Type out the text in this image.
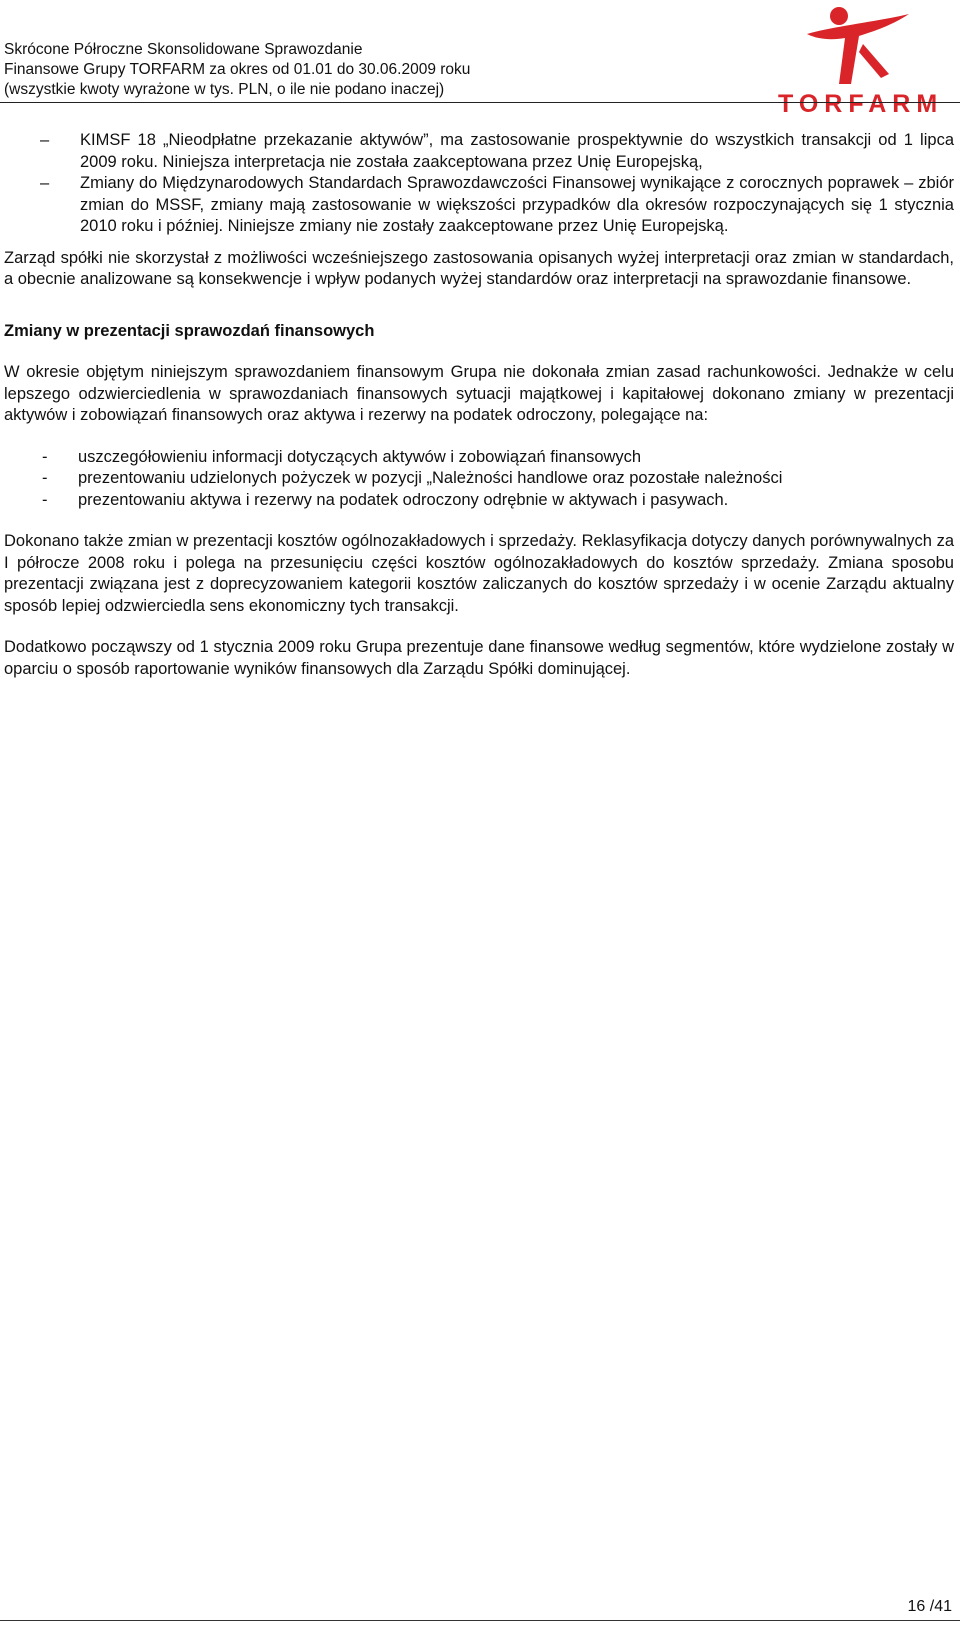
Skrócone Półroczne Skonsolidowane Sprawozdanie
Finansowe Grupy TORFARM za okres od 01.01 do 30.06.2009 roku
(wszystkie kwoty wyrażone w tys. PLN, o ile nie podano inaczej)
TORFARM
– KIMSF 18 „Nieodpłatne przekazanie aktywów”, ma zastosowanie prospektywnie do wszystkich transakcji od 1 lipca 2009 roku. Niniejsza interpretacja nie została zaakceptowana przez Unię Europejską,
– Zmiany do Międzynarodowych Standardach Sprawozdawczości Finansowej wynikające z corocznych poprawek – zbiór zmian do MSSF, zmiany mają zastosowanie w większości przypadków dla okresów rozpoczynających się 1 stycznia 2010 roku i później. Niniejsze zmiany nie zostały zaakceptowane przez Unię Europejską.

Zarząd spółki nie skorzystał z możliwości wcześniejszego zastosowania opisanych wyżej interpretacji oraz zmian w standardach, a obecnie analizowane są konsekwencje i wpływ podanych wyżej standardów oraz interpretacji na sprawozdanie finansowe.

Zmiany w prezentacji sprawozdań finansowych

W okresie objętym niniejszym sprawozdaniem finansowym Grupa nie dokonała zmian zasad rachunkowości. Jednakże w celu lepszego odzwierciedlenia w sprawozdaniach finansowych sytuacji majątkowej i kapitałowej dokonano zmiany w prezentacji aktywów i zobowiązań finansowych oraz aktywa i rezerwy na podatek odroczony, polegające na:

- uszczegółowieniu informacji dotyczących aktywów i zobowiązań finansowych
- prezentowaniu udzielonych pożyczek w pozycji „Należności handlowe oraz pozostałe należności
- prezentowaniu aktywa i rezerwy na podatek odroczony odrębnie w aktywach i pasywach.

Dokonano także zmian w prezentacji kosztów ogólnozakładowych i sprzedaży. Reklasyfikacja dotyczy danych porównywalnych za I półrocze 2008 roku i polega na przesunięciu części kosztów ogólnozakładowych do kosztów sprzedaży. Zmiana sposobu prezentacji związana jest z doprecyzowaniem kategorii kosztów zaliczanych do kosztów sprzedaży i w ocenie Zarządu aktualny sposób lepiej odzwierciedla sens ekonomiczny tych transakcji.

Dodatkowo począwszy od 1 stycznia 2009 roku Grupa prezentuje dane finansowe według segmentów, które wydzielone zostały w oparciu o sposób raportowanie wyników finansowych dla Zarządu Spółki dominującej.

16 /41
